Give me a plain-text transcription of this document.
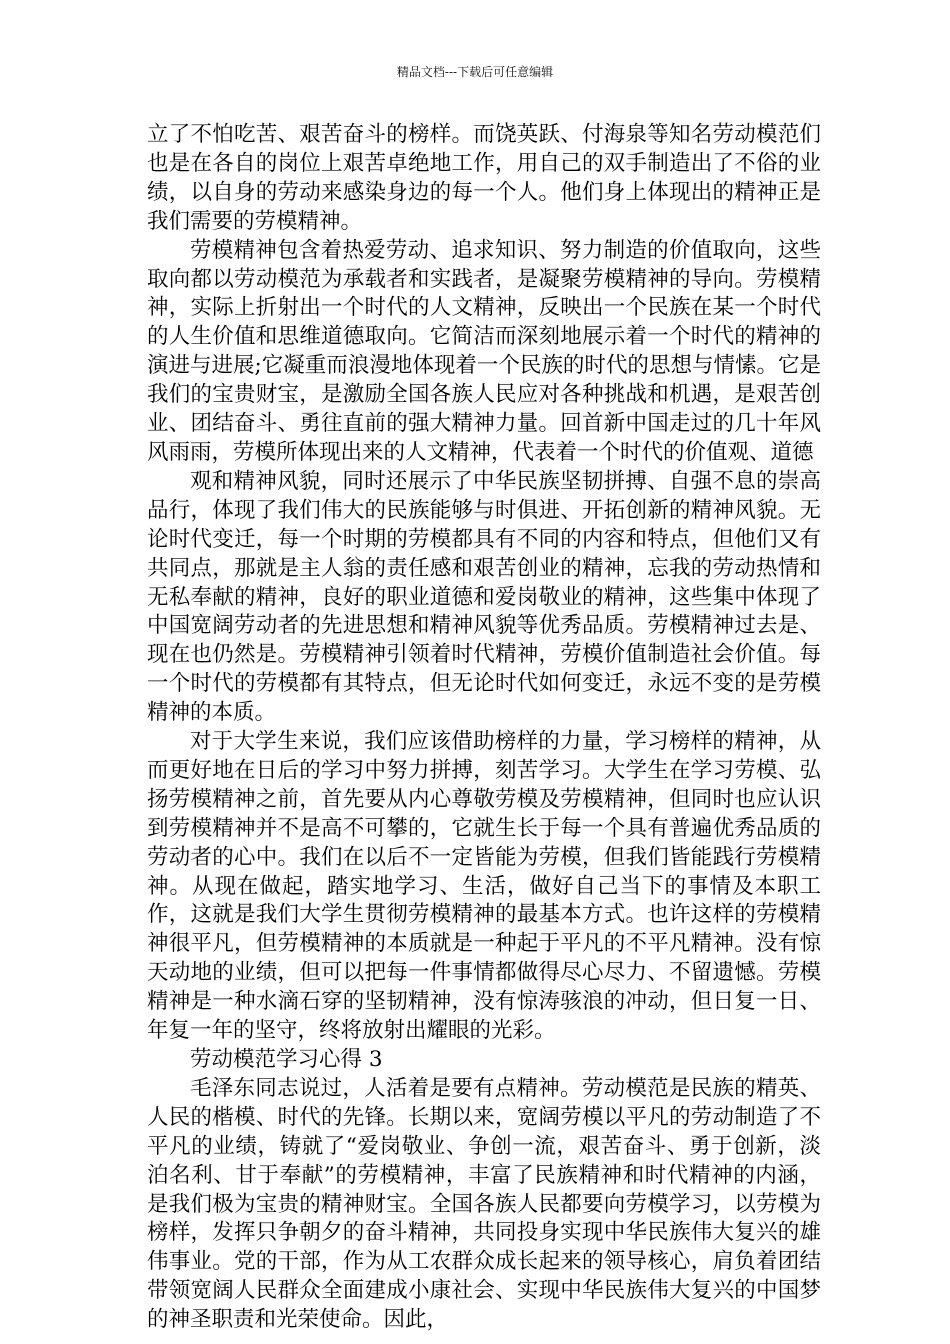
精品文档---下载后可任意编辑

立了不怕吃苦、艰苦奋斗的榜样。而饶英跃、付海泉等知名劳动模范们也是在各自的岗位上艰苦卓绝地工作，用自己的双手制造出了不俗的业绩，以自身的劳动来感染身边的每一个人。他们身上体现出的精神正是我们需要的劳模精神。

劳模精神包含着热爱劳动、追求知识、努力制造的价值取向，这些取向都以劳动模范为承载者和实践者，是凝聚劳模精神的导向。劳模精神，实际上折射出一个时代的人文精神，反映出一个民族在某一个时代的人生价值和思维道德取向。它简洁而深刻地展示着一个时代的精神的演进与进展;它凝重而浪漫地体现着一个民族的时代的思想与情愫。它是我们的宝贵财宝，是激励全国各族人民应对各种挑战和机遇，是艰苦创业、团结奋斗、勇往直前的强大精神力量。回首新中国走过的几十年风风雨雨，劳模所体现出来的人文精神，代表着一个时代的价值观、道德

观和精神风貌，同时还展示了中华民族坚韧拼搏、自强不息的崇高品行，体现了我们伟大的民族能够与时俱进、开拓创新的精神风貌。无论时代变迁，每一个时期的劳模都具有不同的内容和特点，但他们又有共同点，那就是主人翁的责任感和艰苦创业的精神，忘我的劳动热情和无私奉献的精神，良好的职业道德和爱岗敬业的精神，这些集中体现了中国宽阔劳动者的先进思想和精神风貌等优秀品质。劳模精神过去是、现在也仍然是。劳模精神引领着时代精神，劳模价值制造社会价值。每一个时代的劳模都有其特点，但无论时代如何变迁，永远不变的是劳模精神的本质。

对于大学生来说，我们应该借助榜样的力量，学习榜样的精神，从而更好地在日后的学习中努力拼搏，刻苦学习。大学生在学习劳模、弘扬劳模精神之前，首先要从内心尊敬劳模及劳模精神，但同时也应认识到劳模精神并不是高不可攀的，它就生长于每一个具有普遍优秀品质的劳动者的心中。我们在以后不一定皆能为劳模，但我们皆能践行劳模精神。从现在做起，踏实地学习、生活，做好自己当下的事情及本职工作，这就是我们大学生贯彻劳模精神的最基本方式。也许这样的劳模精神很平凡，但劳模精神的本质就是一种起于平凡的不平凡精神。没有惊天动地的业绩，但可以把每一件事情都做得尽心尽力、不留遗憾。劳模精神是一种水滴石穿的坚韧精神，没有惊涛骇浪的冲动，但日复一日、年复一年的坚守，终将放射出耀眼的光彩。

劳动模范学习心得 3

毛泽东同志说过，人活着是要有点精神。劳动模范是民族的精英、人民的楷模、时代的先锋。长期以来，宽阔劳模以平凡的劳动制造了不平凡的业绩，铸就了“爱岗敬业、争创一流，艰苦奋斗、勇于创新，淡泊名利、甘于奉献”的劳模精神，丰富了民族精神和时代精神的内涵，是我们极为宝贵的精神财宝。全国各族人民都要向劳模学习，以劳模为榜样，发挥只争朝夕的奋斗精神，共同投身实现中华民族伟大复兴的雄伟事业。党的干部，作为从工农群众成长起来的领导核心，肩负着团结带领宽阔人民群众全面建成小康社会、实现中华民族伟大复兴的中国梦的神圣职责和光荣使命。因此，
